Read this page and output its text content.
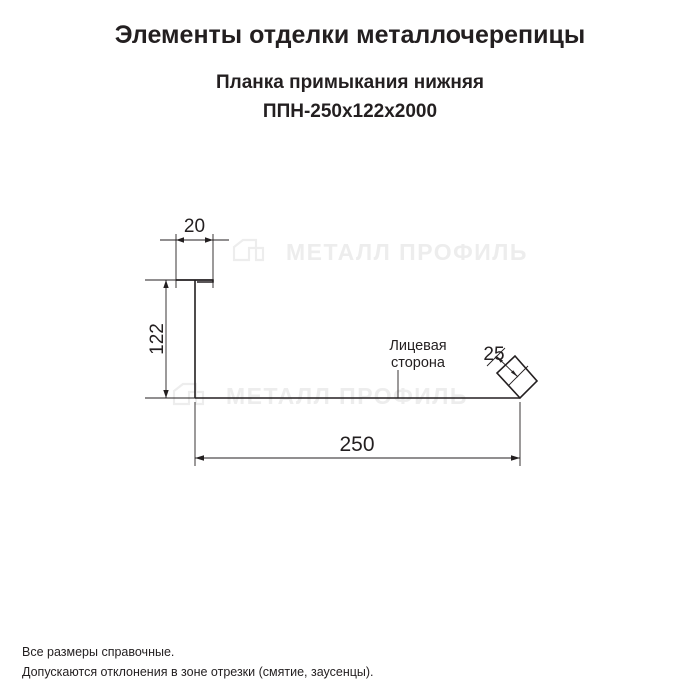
МЕТАЛЛ ПРОФИЛЬ
МЕТАЛЛ ПРОФИЛЬ
Элементы отделки металлочерепицы
Планка примыкания нижняя
ППН-250x122x2000
20
122	25
250
Лицевая
сторона
Все размеры справочные.
Допускаются отклонения в зоне отрезки (смятие, заусенцы).
